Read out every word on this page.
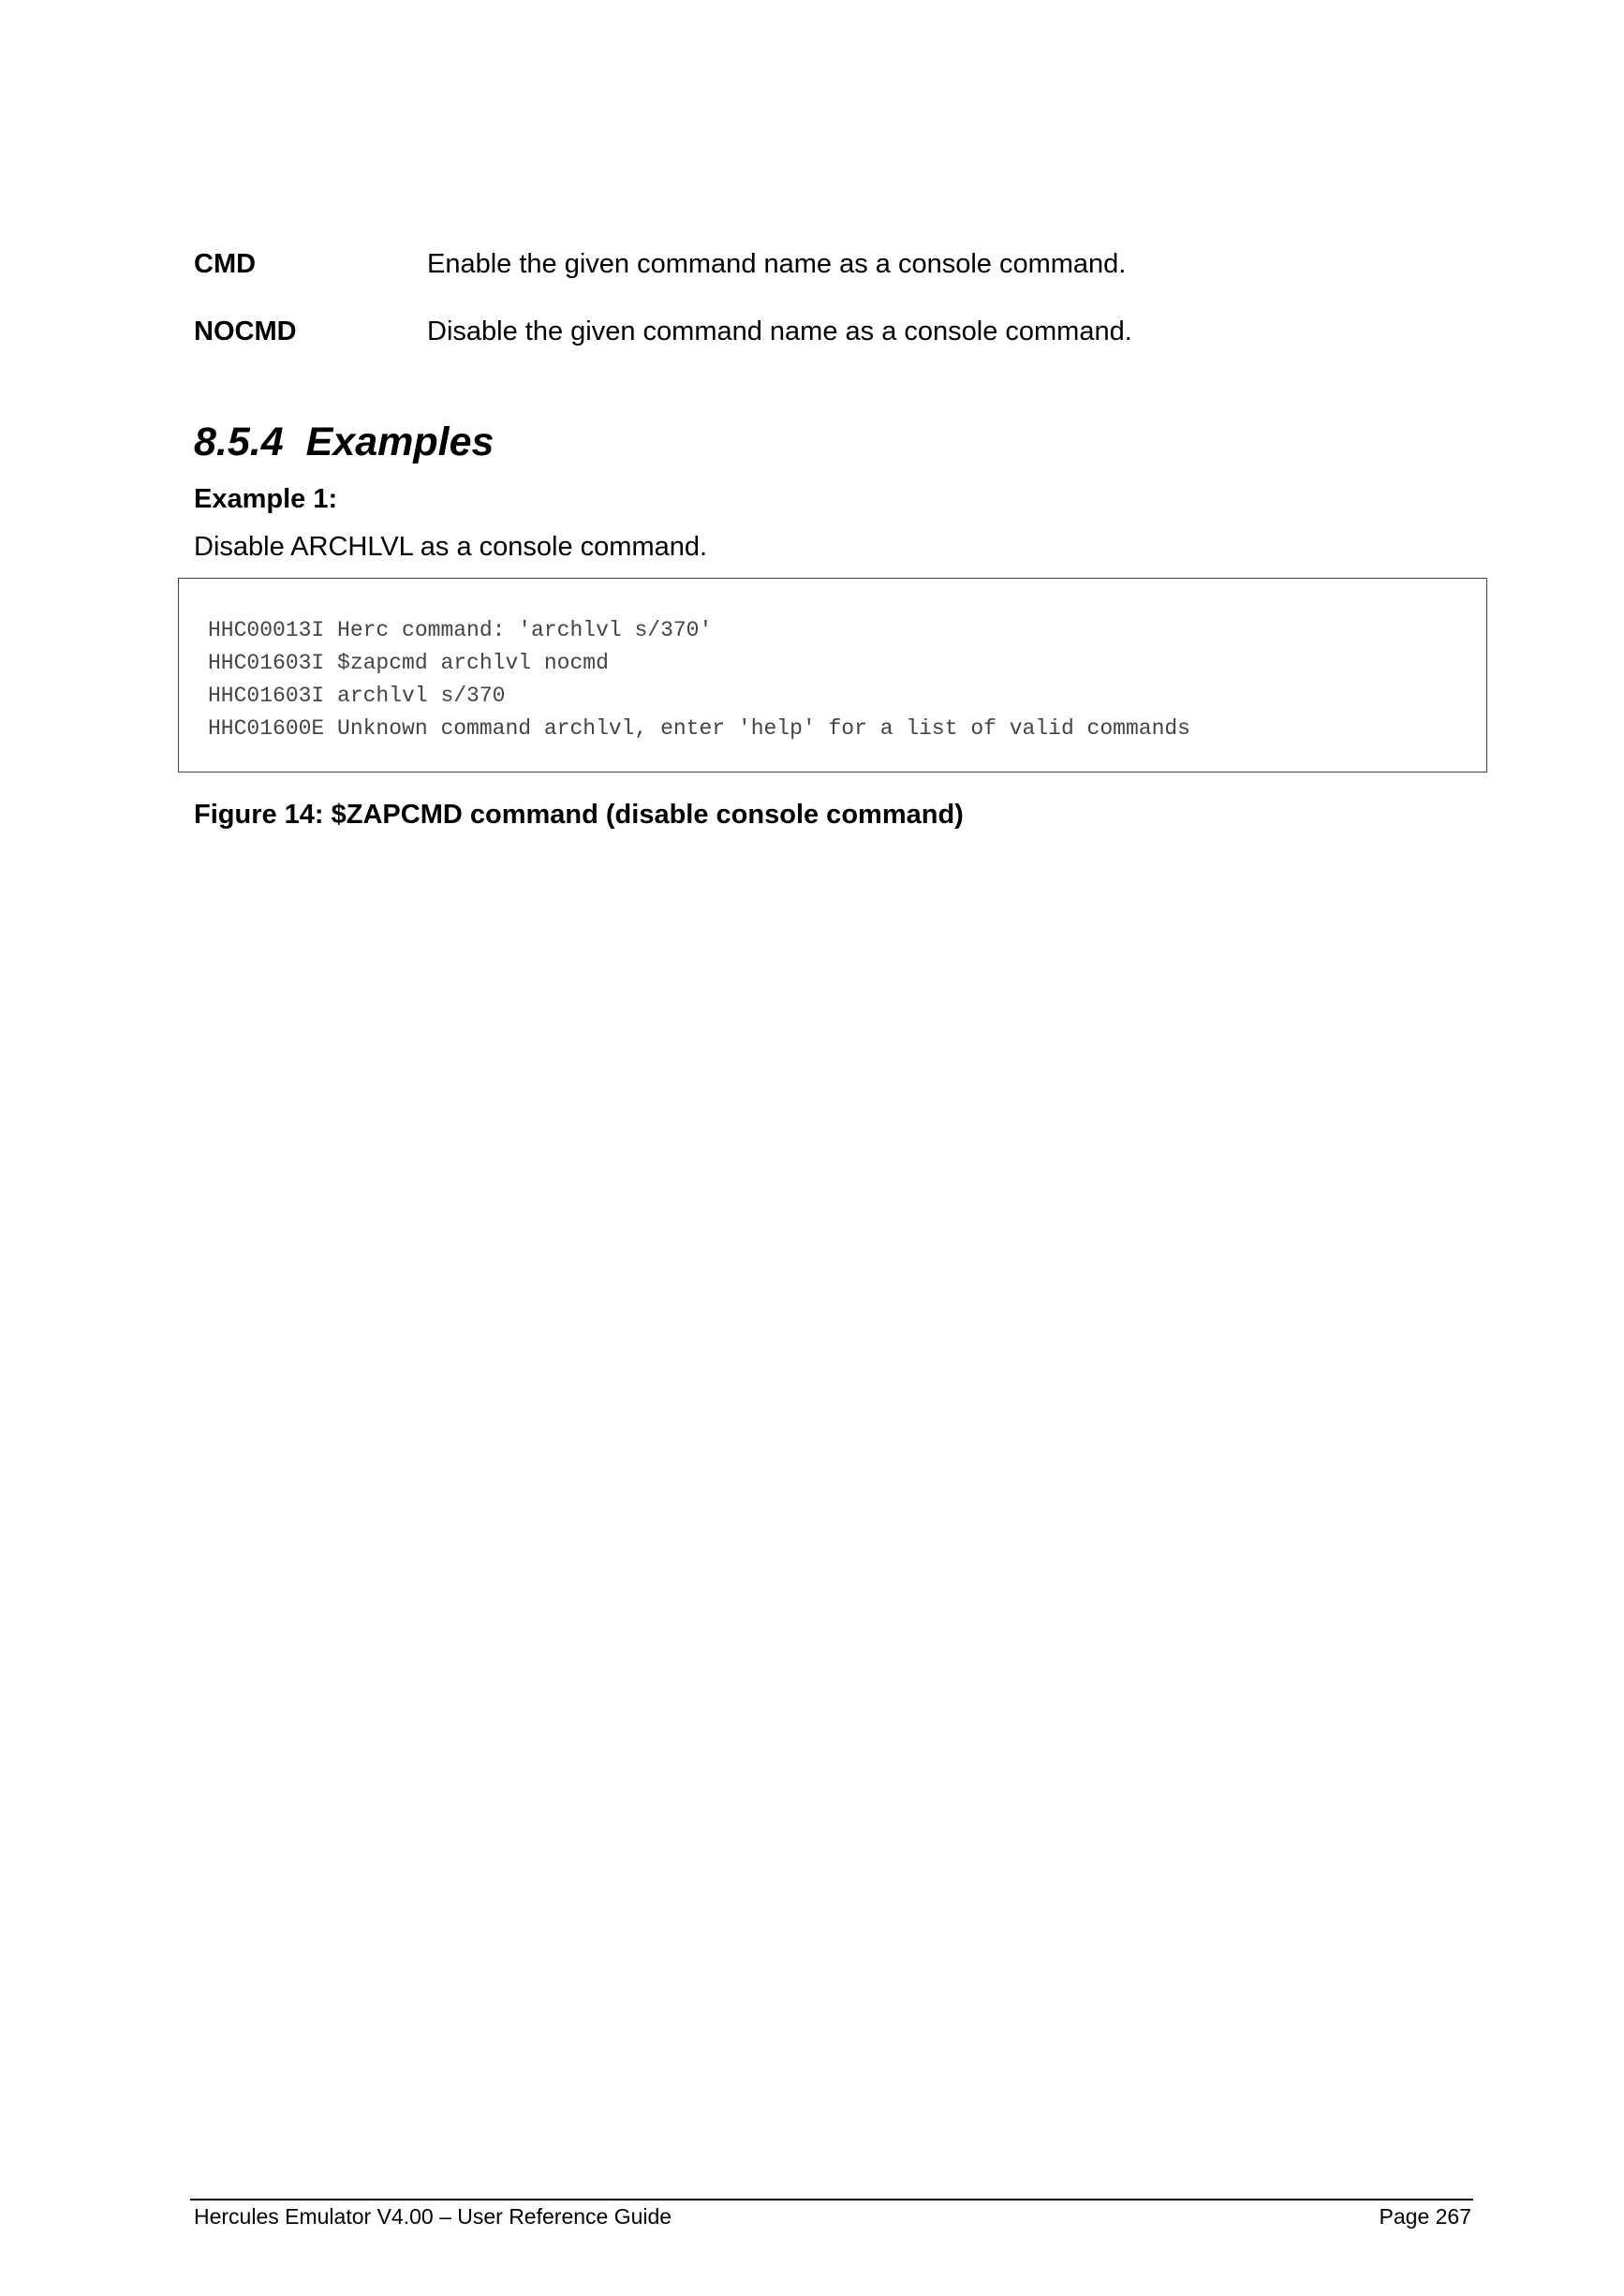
CMD	Enable the given command name as a console command.
NOCMD	Disable the given command name as a console command.
8.5.4 Examples
Example 1:
Disable ARCHLVL as a console command.
HHC00013I Herc command: 'archlvl s/370'
HHC01603I $zapcmd archlvl nocmd
HHC01603I archlvl s/370
HHC01600E Unknown command archlvl, enter 'help' for a list of valid commands
Figure 14: $ZAPCMD command (disable console command)
Hercules Emulator V4.00 – User Reference Guide	Page 267
